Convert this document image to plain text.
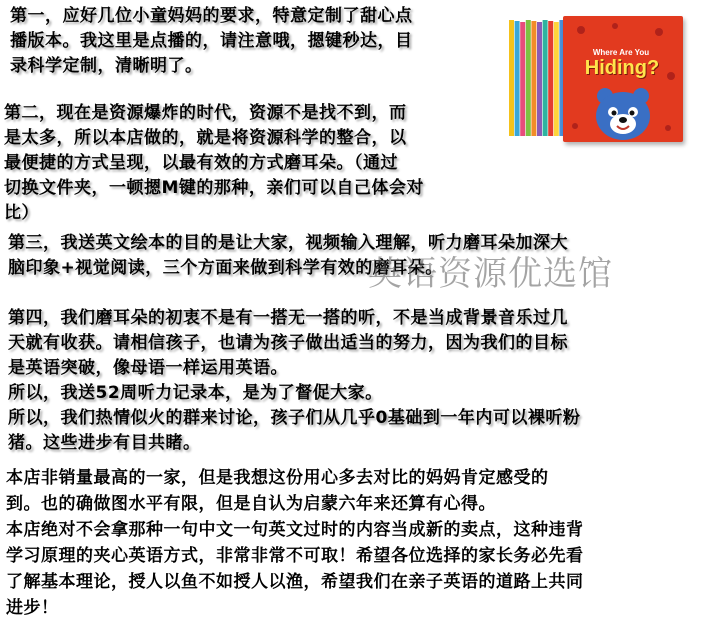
第一，应好几位小童妈妈的要求，特意定制了甜心点
播版本。我这里是点播的，请注意哦，摁键秒达，目
录科学定制，清晰明了。

第二，现在是资源爆炸的时代，资源不是找不到，而
是太多，所以本店做的，就是将资源科学的整合，以
最便捷的方式呈现，以最有效的方式磨耳朵。（通过
切换文件夹，一顿摁M键的那种，亲们可以自己体会对
比）

第三，我送英文绘本的目的是让大家，视频输入理解，听力磨耳朵加深大
脑印象+视觉阅读，三个方面来做到科学有效的磨耳朵。

第四，我们磨耳朵的初衷不是有一搭无一搭的听，不是当成背景音乐过几
天就有收获。请相信孩子，也请为孩子做出适当的努力，因为我们的目标
是英语突破，像母语一样运用英语。

所以，我送52周听力记录本，是为了督促大家。

所以，我们热情似火的群来讨论，孩子们从几乎0基础到一年内可以裸听粉
猪。这些进步有目共睹。

本店非销量最高的一家，但是我想这份用心多去对比的妈妈肯定感受的
到。也的确做图水平有限，但是自认为启蒙六年来还算有心得。
本店绝对不会拿那种一句中文一句英文过时的内容当成新的卖点，这种违背
学习原理的夹心英语方式，非常非常不可取！希望各位选择的家长务必先看
了解基本理论，授人以鱼不如授人以渔，希望我们在亲子英语的道路上共同
进步！

英语资源优选馆
Where Are You
Hiding?
